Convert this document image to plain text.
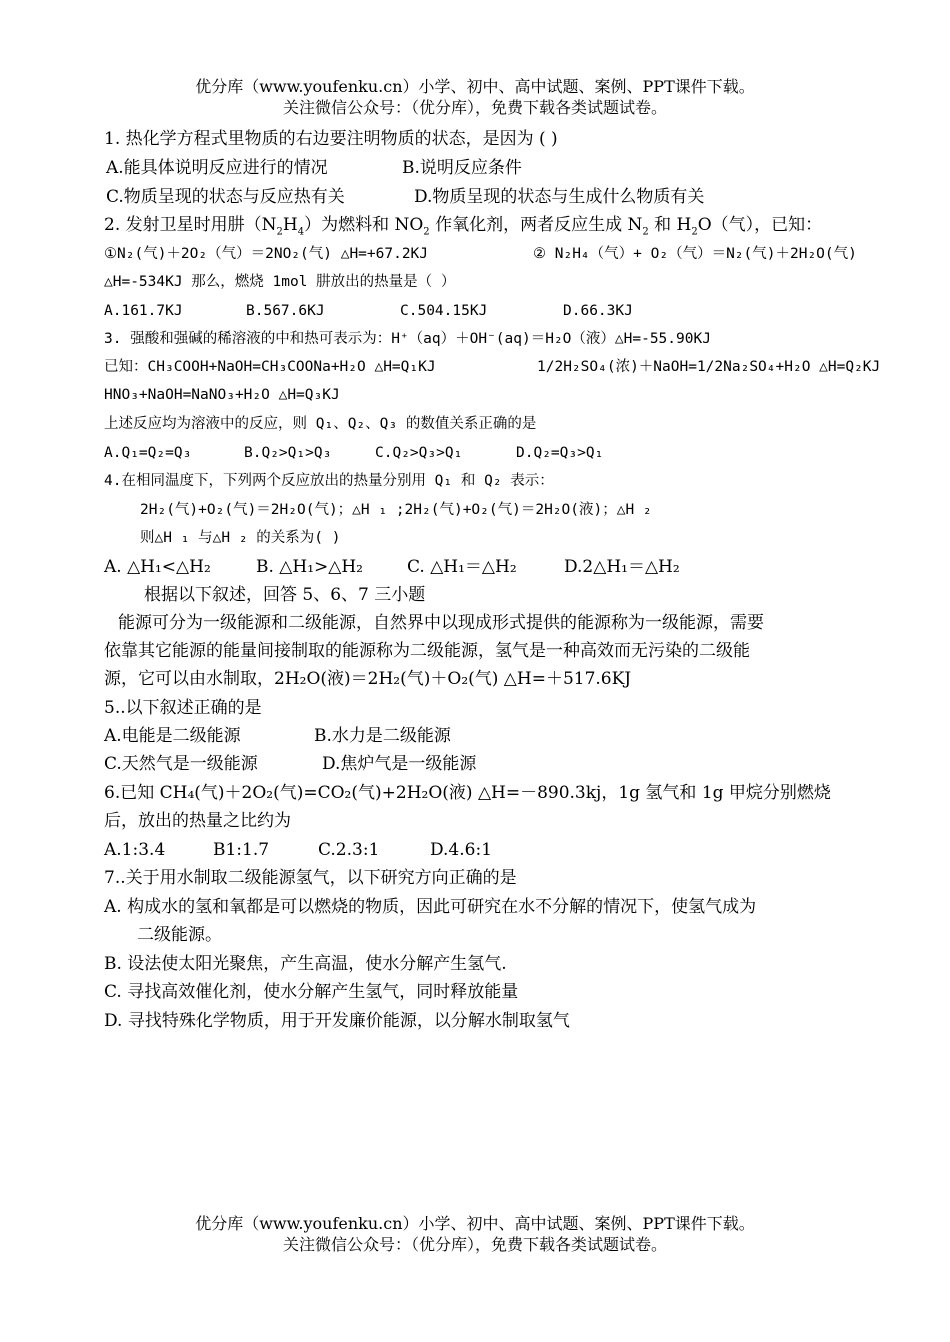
优分库（www.youfenku.cn）小学、初中、高中试题、案例、PPT课件下载。
关注微信公众号：（优分库），免费下载各类试题试卷。
1. 热化学方程式里物质的右边要注明物质的状态，是因为 ( )
A.能具体说明反应进行的情况	B.说明反应条件
C.物质呈现的状态与反应热有关	D.物质呈现的状态与生成什么物质有关
2. 发射卫星时用肼$(N_2H_4)$为燃料和 $NO_2$ 作氧化剂，两者反应生成 $N_2$ 和 $H_2O$（气），已知：
①N₂(气)＋2O₂（气）＝2NO₂(气) △H=+67.2KJ	② N₂H₄（气）+ O₂（气）＝N₂(气)＋2H₂O(气)
△H=-534KJ 那么，燃烧 1mol 肼放出的热量是（ ）
A.161.7KJ	B.567.6KJ	C.504.15KJ	D.66.3KJ
3. 强酸和强碱的稀溶液的中和热可表示为：H⁺（aq）＋OH⁻(aq)＝H₂O（液）△H=-55.90KJ
已知：CH₃COOH+NaOH=CH₃COONa+H₂O △H=Q₁KJ	1/2H₂SO₄(浓)＋NaOH=1/2Na₂SO₄+H₂O △H=Q₂KJ
HNO₃+NaOH=NaNO₃+H₂O △H=Q₃KJ
上述反应均为溶液中的反应，则 Q₁、Q₂、Q₃ 的数值关系正确的是
A.Q₁=Q₂=Q₃	B.Q₂>Q₁>Q₃	C.Q₂>Q₃>Q₁	D.Q₂=Q₃>Q₁
4.在相同温度下，下列两个反应放出的热量分别用 Q₁ 和 Q₂ 表示：
2H₂(气)+O₂(气)＝2H₂O(气)；△H ₁ ;2H₂(气)+O₂(气)＝2H₂O(液)；△H ₂
则△H ₁ 与△H ₂ 的关系为( )
A. △H₁<△H₂	B. △H₁>△H₂	C. △H₁＝△H₂	D.2△H₁＝△H₂
根据以下叙述，回答 5、6、7 三小题
能源可分为一级能源和二级能源，自然界中以现成形式提供的能源称为一级能源，需要
依靠其它能源的能量间接制取的能源称为二级能源，氢气是一种高效而无污染的二级能
源，它可以由水制取，2H₂O(液)＝2H₂(气)＋O₂(气) △H=＋517.6KJ
5..以下叙述正确的是
A.电能是二级能源	B.水力是二级能源
C.天然气是一级能源	D.焦炉气是一级能源
6.已知 CH₄(气)＋2O₂(气)=CO₂(气)+2H₂O(液) △H=－890.3kj，1g 氢气和 1g 甲烷分别燃烧
后，放出的热量之比约为
A.1:3.4	B1:1.7	C.2.3:1	D.4.6:1
7..关于用水制取二级能源氢气，以下研究方向正确的是
A. 构成水的氢和氧都是可以燃烧的物质，因此可研究在水不分解的情况下，使氢气成为
二级能源。
B. 设法使太阳光聚焦，产生高温，使水分解产生氢气.
C. 寻找高效催化剂，使水分解产生氢气，同时释放能量
D. 寻找特殊化学物质，用于开发廉价能源，以分解水制取氢气
优分库（www.youfenku.cn）小学、初中、高中试题、案例、PPT课件下载。
关注微信公众号：（优分库），免费下载各类试题试卷。
